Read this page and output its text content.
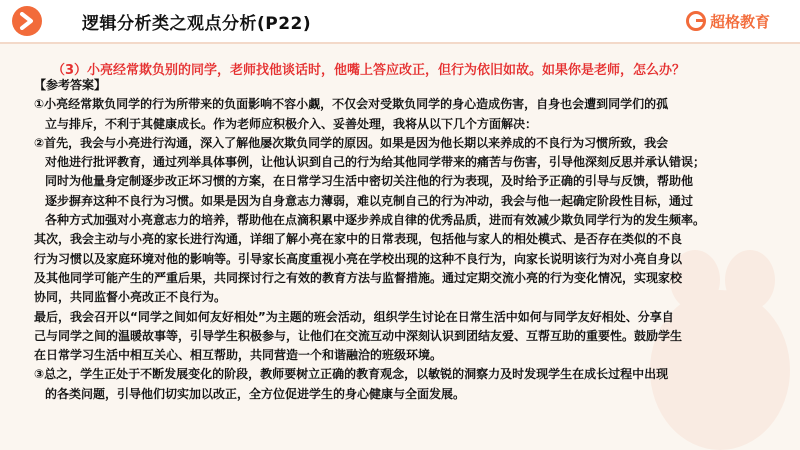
逻辑分析类之观点分析(P22)	超格教育
（3）小亮经常欺负别的同学，老师找他谈话时，他嘴上答应改正，但行为依旧如故。如果你是老师，怎么办？

【参考答案】

①小亮经常欺负同学的行为所带来的负面影响不容小觑，不仅会对受欺负同学的身心造成伤害，自身也会遭到同学们的孤

立与排斥，不利于其健康成长。作为老师应积极介入、妥善处理，我将从以下几个方面解决：

②首先，我会与小亮进行沟通，深入了解他屡次欺负同学的原因。如果是因为他长期以来养成的不良行为习惯所致，我会

对他进行批评教育，通过列举具体事例，让他认识到自己的行为给其他同学带来的痛苦与伤害，引导他深刻反思并承认错误；

同时为他量身定制逐步改正坏习惯的方案，在日常学习生活中密切关注他的行为表现，及时给予正确的引导与反馈，帮助他

逐步摒弃这种不良行为习惯。如果是因为自身意志力薄弱，难以克制自己的行为冲动，我会与他一起确定阶段性目标，通过

各种方式加强对小亮意志力的培养，帮助他在点滴积累中逐步养成自律的优秀品质，进而有效减少欺负同学行为的发生频率。

其次，我会主动与小亮的家长进行沟通，详细了解小亮在家中的日常表现，包括他与家人的相处模式、是否存在类似的不良

行为习惯以及家庭环境对他的影响等。引导家长高度重视小亮在学校出现的这种不良行为，向家长说明该行为对小亮自身以

及其他同学可能产生的严重后果，共同探讨行之有效的教育方法与监督措施。通过定期交流小亮的行为变化情况，实现家校

协同，共同监督小亮改正不良行为。

最后，我会召开以“同学之间如何友好相处”为主题的班会活动，组织学生讨论在日常生活中如何与同学友好相处、分享自

己与同学之间的温暖故事等，引导学生积极参与，让他们在交流互动中深刻认识到团结友爱、互帮互助的重要性。鼓励学生

在日常学习生活中相互关心、相互帮助，共同营造一个和谐融洽的班级环境。

③总之，学生正处于不断发展变化的阶段，教师要树立正确的教育观念，以敏锐的洞察力及时发现学生在成长过程中出现

的各类问题，引导他们切实加以改正，全方位促进学生的身心健康与全面发展。
